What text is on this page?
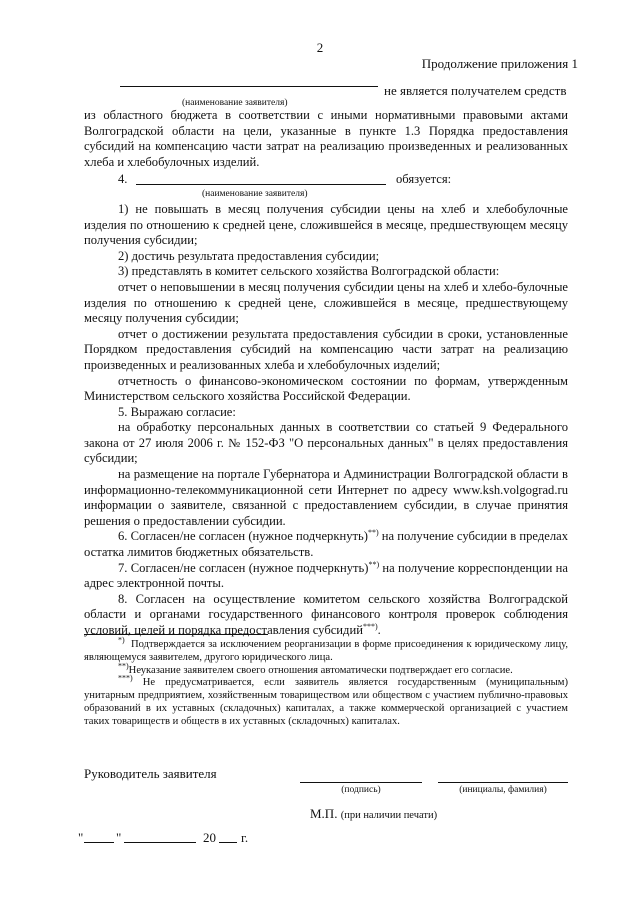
2
Продолжение приложения 1
не является получателем средств
(наименование заявителя)

из областного бюджета в соответствии с иными нормативными правовыми актами Волгоградской области на цели, указанные в пункте 1.3 Порядка предоставления субсидий на компенсацию части затрат на реализацию произведенных и реализованных хлеба и хлебобулочных изделий.

4.	обязуется:
(наименование заявителя)

1) не повышать в месяц получения субсидии цены на хлеб и хлебобулочные изделия по отношению к средней цене, сложившейся в месяце, предшествующем месяцу получения субсидии;

2) достичь результата предоставления субсидии;

3) представлять в комитет сельского хозяйства Волгоградской области:

отчет о неповышении в месяц получения субсидии цены на хлеб и хлебо-булочные изделия по отношению к средней цене, сложившейся в месяце, предшествующему месяцу получения субсидии;

отчет о достижении результата предоставления субсидии в сроки, установленные Порядком предоставления субсидий на компенсацию части затрат на реализацию произведенных и реализованных хлеба и хлебобулочных изделий;

отчетность о финансово-экономическом состоянии по формам, утвержденным Министерством сельского хозяйства Российской Федерации.

5. Выражаю согласие:

на обработку персональных данных в соответствии со статьей 9 Федерального закона от 27 июля 2006 г. № 152-ФЗ "О персональных данных" в целях предоставления субсидии;

на размещение на портале Губернатора и Администрации Волгоградской области в информационно-телекоммуникационной сети Интернет по адресу www.ksh.volgograd.ru информации о заявителе, связанной с предоставлением субсидии, в случае принятия решения о предоставлении субсидии.

6. Согласен/не согласен (нужное подчеркнуть)**) на получение субсидии в пределах остатка лимитов бюджетных обязательств.

7. Согласен/не согласен (нужное подчеркнуть)**) на получение корреспонденции на адрес электронной почты.

8. Согласен на осуществление комитетом сельского хозяйства Волгоградской области и органами государственного финансового контроля проверок соблюдения условий, целей и порядка предоставления субсидий***).

*) Подтверждается за исключением реорганизации в форме присоединения к юридическому лицу, являющемуся заявителем, другого юридического лица.

**)Неуказание заявителем своего отношения автоматически подтверждает его согласие.

***) Не предусматривается, если заявитель является государственным (муниципальным) унитарным предприятием, хозяйственным товариществом или обществом с участием публично-правовых образований в их уставных (складочных) капиталах, а также коммерческой организацией с участием таких товариществ и обществ в их уставных (складочных) капиталах.

Руководитель заявителя
(подпись)	(инициалы, фамилия)
М.П. (при наличии печати)
"	"	20 г.
